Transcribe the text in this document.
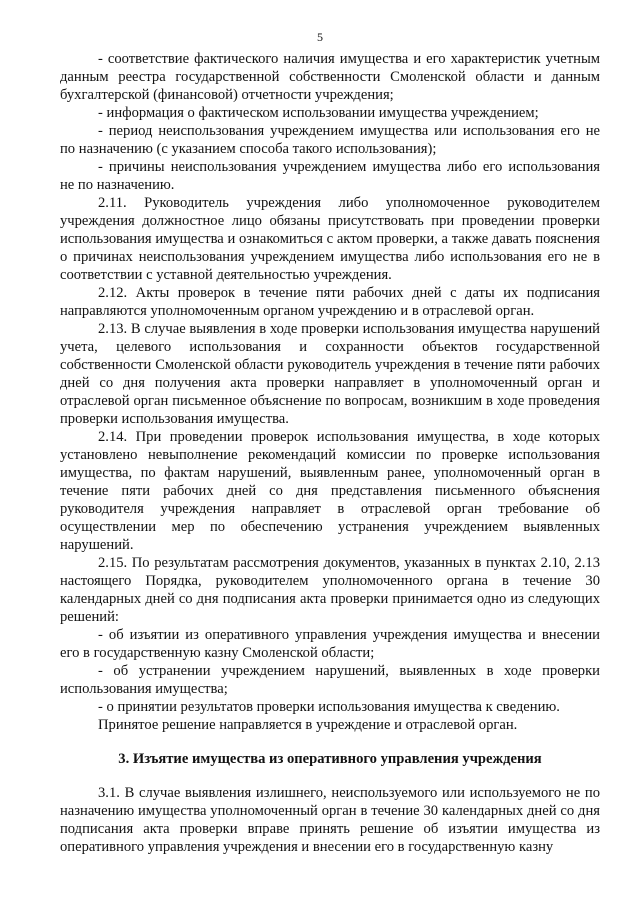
5

- соответствие фактического наличия имущества и его характеристик учетным данным реестра государственной собственности Смоленской области и данным бухгалтерской (финансовой) отчетности учреждения;

- информация о фактическом использовании имущества учреждением;

- период неиспользования учреждением имущества или использования его не по назначению (с указанием способа такого использования);

- причины неиспользования учреждением имущества либо его использования не по назначению.

2.11. Руководитель учреждения либо уполномоченное руководителем учреждения должностное лицо обязаны присутствовать при проведении проверки использования имущества и ознакомиться с актом проверки, а также давать пояснения о причинах неиспользования учреждением имущества либо использования его не в соответствии с уставной деятельностью учреждения.

2.12. Акты проверок в течение пяти рабочих дней с даты их подписания направляются уполномоченным органом учреждению и в отраслевой орган.

2.13. В случае выявления в ходе проверки использования имущества нарушений учета, целевого использования и сохранности объектов государственной собственности Смоленской области руководитель учреждения в течение пяти рабочих дней со дня получения акта проверки направляет в уполномоченный орган и отраслевой орган письменное объяснение по вопросам, возникшим в ходе проведения проверки использования имущества.

2.14. При проведении проверок использования имущества, в ходе которых установлено невыполнение рекомендаций комиссии по проверке использования имущества, по фактам нарушений, выявленным ранее, уполномоченный орган в течение пяти рабочих дней со дня представления письменного объяснения руководителя учреждения направляет в отраслевой орган требование об осуществлении мер по обеспечению устранения учреждением выявленных нарушений.

2.15. По результатам рассмотрения документов, указанных в пунктах 2.10, 2.13 настоящего Порядка, руководителем уполномоченного органа в течение 30 календарных дней со дня подписания акта проверки принимается одно из следующих решений:

- об изъятии из оперативного управления учреждения имущества и внесении его в государственную казну Смоленской области;

- об устранении учреждением нарушений, выявленных в ходе проверки использования имущества;

- о принятии результатов проверки использования имущества к сведению.

Принятое решение направляется в учреждение и отраслевой орган.

3. Изъятие имущества из оперативного управления учреждения

3.1. В случае выявления излишнего, неиспользуемого или используемого не по назначению имущества уполномоченный орган в течение 30 календарных дней со дня подписания акта проверки вправе принять решение об изъятии имущества из оперативного управления учреждения и внесении его в государственную казну
